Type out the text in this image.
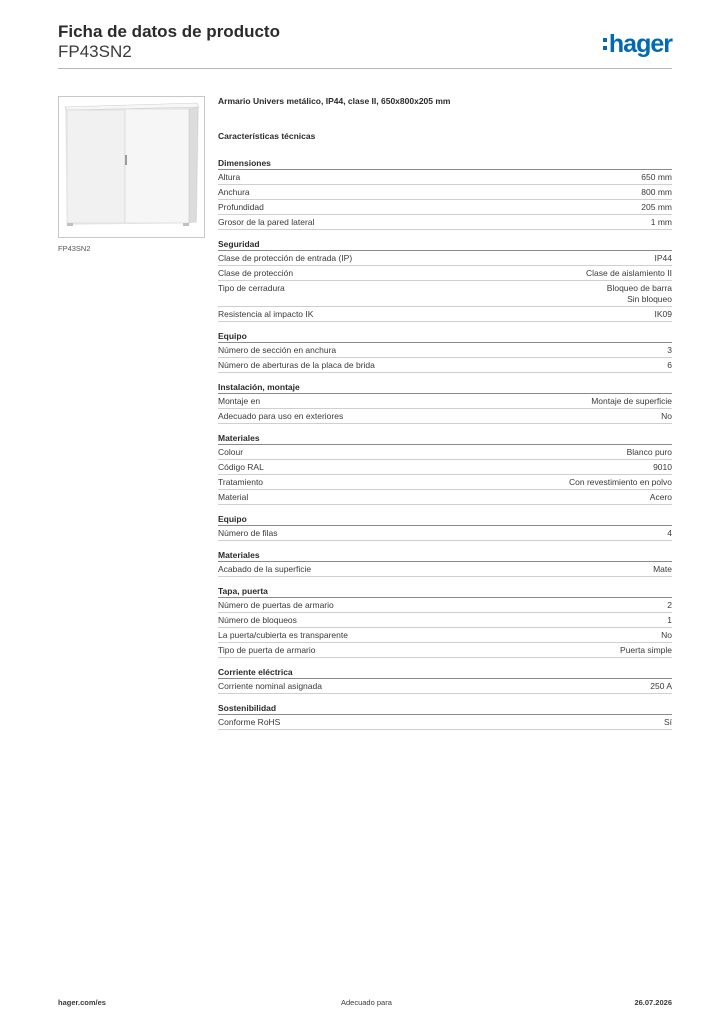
Ficha de datos de producto
FP43SN2	hager
FP43SN2
Armario Univers metálico, IP44, clase II, 650x800x205 mm
Características técnicas
Dimensiones
Altura	650 mm
Anchura	800 mm
Profundidad	205 mm
Grosor de la pared lateral	1 mm
Seguridad
Clase de protección de entrada (IP)	IP44
Clase de protección	Clase de aislamiento II
Tipo de cerradura	Bloqueo de barra
Sin bloqueo
Resistencia al impacto IK	IK09
Equipo
Número de sección en anchura	3
Número de aberturas de la placa de brida	6
Instalación, montaje
Montaje en	Montaje de superficie
Adecuado para uso en exteriores	No
Materiales
Colour	Blanco puro
Código RAL	9010
Tratamiento	Con revestimiento en polvo
Material	Acero
Equipo
Número de filas	4
Materiales
Acabado de la superficie	Mate
Tapa, puerta
Número de puertas de armario	2
Número de bloqueos	1
La puerta/cubierta es transparente	No
Tipo de puerta de armario	Puerta simple
Corriente eléctrica
Corriente nominal asignada	250 A
Sostenibilidad
Conforme RoHS	Sí
hager.com/es	Adecuado para	26.07.2026
